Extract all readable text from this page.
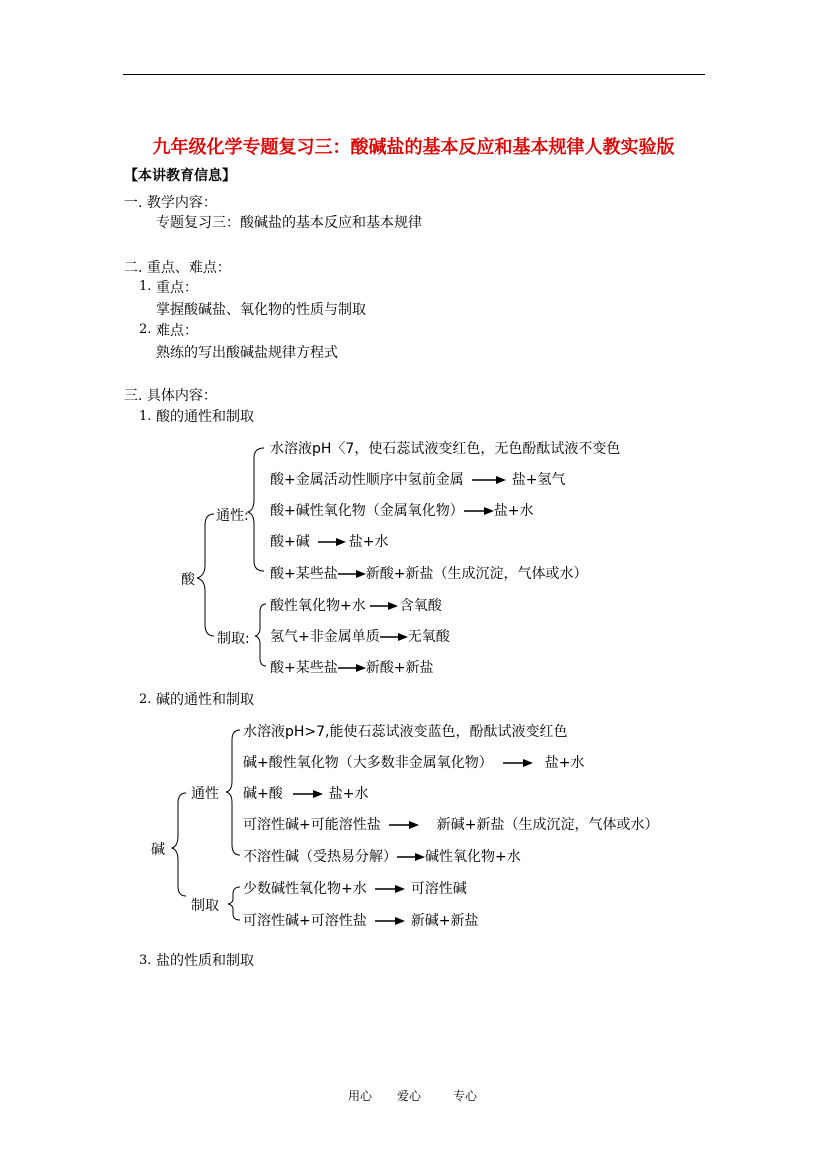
九年级化学专题复习三：酸碱盐的基本反应和基本规律人教实验版
【本讲教育信息】
一. 教学内容：
专题复习三：酸碱盐的基本反应和基本规律
二. 重点、难点：
1. 重点：
掌握酸碱盐、氧化物的性质与制取
2. 难点：
熟练的写出酸碱盐规律方程式
三. 具体内容：
1. 酸的通性和制取
酸
通性:
制取:
水溶液pH〈7，使石蕊试液变红色，无色酚酞试液不变色
酸+金属活动性顺序中氢前金属	盐+氢气
酸+碱性氧化物（金属氧化物） 盐+水
酸+碱	盐+水
酸+某些盐 新酸+新盐（生成沉淀，气体或水）
酸性氧化物+水 含氧酸
氢气+非金属单质 无氧酸
酸+某些盐 新酸+新盐
2. 碱的通性和制取
碱
通性
制取
水溶液pH>7,能使石蕊试液变蓝色，酚酞试液变红色
碱+酸性氧化物（大多数非金属氧化物）	盐+水
碱+酸	盐+水
可溶性碱+可能溶性盐	新碱+新盐（生成沉淀，气体或水）
不溶性碱（受热易分解） 碱性氧化物+水
少数碱性氧化物+水	可溶性碱
可溶性碱+可溶性盐	新碱+新盐
3. 盐的性质和制取
用心 爱心	专心
